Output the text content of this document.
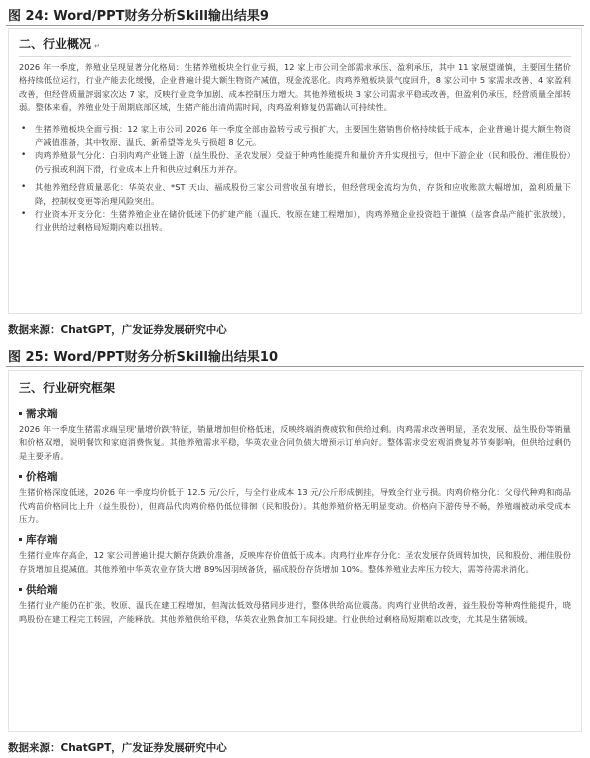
图 24: Word/PPT财务分析Skill输出结果9
二、行业概况 ↵
2026 年一季度，养殖业呈现显著分化格局：生猪养殖板块全行业亏损，12 家上市公司全部需求承压、盈利承压，其中 11 家展望谨慎，主要国生猪价格持续低位运行，行业产能去化缓慢，企业普遍计提大额生物资产减值，现金流恶化。肉鸡养殖板块景气度回升，8 家公司中 5 家需求改善、4 家盈利改善，但经营质量評弱家次达 7 家，反映行业竞争加剧、成本控制压力增大。其他养殖板块 3 家公司需求平稳或改善，但盈利仍承压，经营质量全部转弱。整体来看，养殖业处于周期底部区域，生猪产能出清尚需时间，肉鸡盈利修复仍需确认可持续性。
• 生猪养殖板块全面亏损：12 家上市公司 2026 年一季度全部由盈转亏或亏损扩大，主要国生猪销售价格持续低于成本，企业普遍计提大额生物资产减值准备，其中牧原、温氏、新希望等龙头亏损超 8 亿元。
• 肉鸡养殖景气分化：白羽肉鸡产业链上游（益生股份、圣农发展）受益于种鸡性能提升和量价齐升实现扭亏，但中下游企业（民和股份、湘佳股份）仍亏损或利润下滑，行业成本上升和供应过剩压力并存。
• 其他养殖经营质量恶化：华英农业、*ST 天山、福成股份三家公司营收虽有增长，但经营现金流均为负，存货和应收账款大幅增加，盈利质量下降，控制权变更等治理风险突出。
• 行业资本开支分化：生猪养殖企业在储价低迷下仍扩建产能（温氏、牧原在建工程增加），肉鸡养殖企业投资趋于谨慎（益客食品产能扩张放缓），行业供给过剩格局短期内难以扭转。
数据来源：ChatGPT，广发证券发展研究中心
图 25: Word/PPT财务分析Skill输出结果10
三、行业研究框架
需求端
2026 年一季度生猪需求端呈现'量增价跌'特征，销量增加但价格低迷，反映终端消费疲软和供给过剩。肉鸡需求改善明显，圣农发展、益生股份等销量和价格双增，说明餐饮和家庭消费恢复。其他养殖需求平稳，华英农业合同负债大增预示订单向好。整体需求受宏观消费复苏节奏影响，但供给过剩仍是主要矛盾。
价格端
生猪价格深度低迷，2026 年一季度均价低于 12.5 元/公斤，与全行业成本 13 元/公斤形成倒挂，导致全行业亏损。肉鸡价格分化：父母代种鸡和商品代鸡苗价格同比上升（益生股份），但商品代肉鸡价格仍低位徘徊（民和股份）。其他养殖价格无明显变动。价格向下游传导不畅，养殖端被动承受成本压力。
库存端
生猪行业库存高企，12 家公司普遍计提大额存货跌价准备，反映库存价值低于成本。肉鸡行业库存分化：圣农发展存货周转加快，民和股份、湘佳股份存货增加且提减值。其他养殖中华英农业存货大增 89%因羽绒备货，福成股份存货增加 10%。整体养殖业去库压力较大，需等待需求消化。
供给端
生猪行业产能仍在扩张，牧原、温氏在建工程增加，但淘汰低效母猪同步进行，整体供给高位震荡。肉鸡行业供给改善，益生股份等种鸡性能提升，晓鸣股份在建工程完工转固，产能释放。其他养殖供给平稳，华英农业熟食加工车间投建。行业供给过剩格局短期难以改变，尤其是生猪领域。
数据来源：ChatGPT，广发证券发展研究中心
